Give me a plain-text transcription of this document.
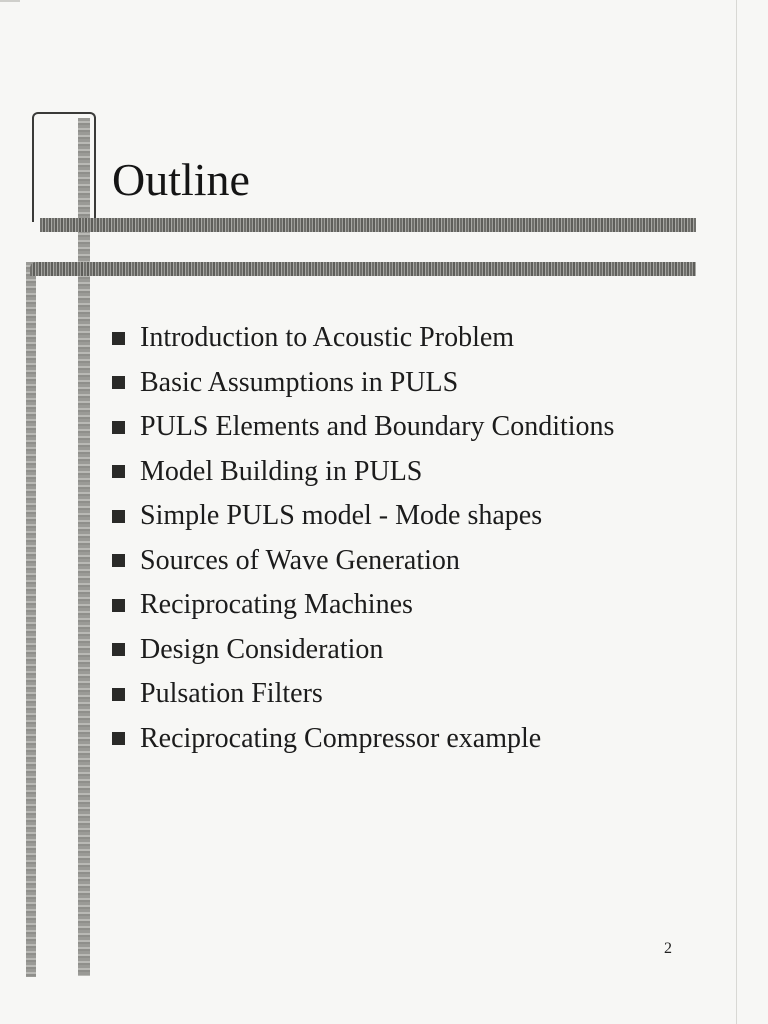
Outline
Introduction to Acoustic Problem
Basic Assumptions in PULS
PULS Elements and Boundary Conditions
Model Building in PULS
Simple PULS model - Mode shapes
Sources of Wave Generation
Reciprocating Machines
Design Consideration
Pulsation Filters
Reciprocating Compressor example
2
